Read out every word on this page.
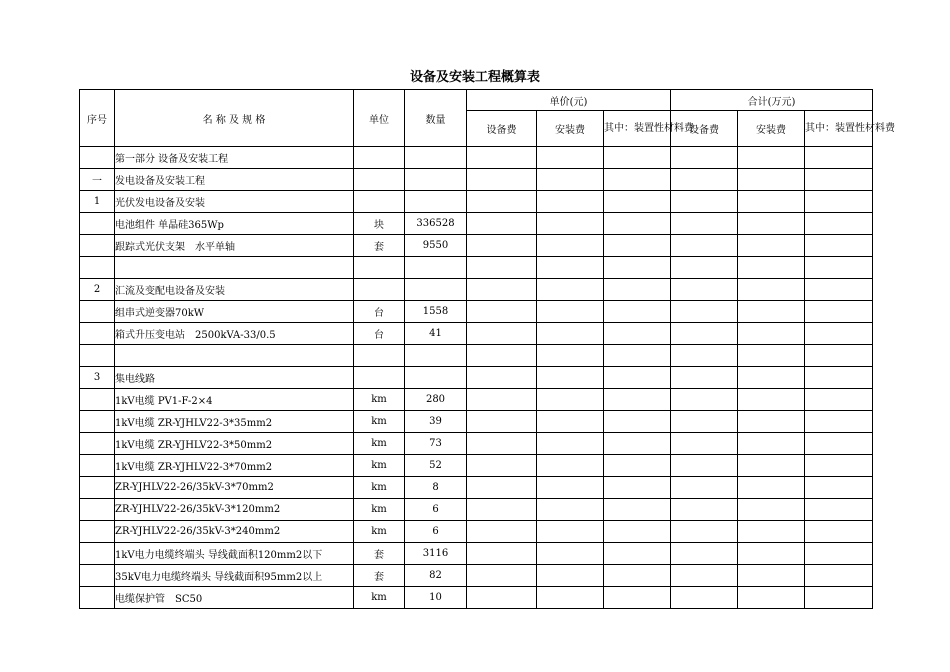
设备及安装工程概算表
序号	名 称 及 规 格	单位	数量	单价(元)			合计(万元)		
				设备费	安装费	其中：装置性材料费	设备费	安装费	其中：装置性材料费
	第一部分 设备及安装工程								
一	发电设备及安装工程								
1	光伏发电设备及安装								
	电池组件 单晶硅365Wp	块	336528						
	跟踪式光伏支架　水平单轴	套	9550						

2	汇流及变配电设备及安装								
	组串式逆变器70kW	台	1558						
	箱式升压变电站　2500kVA-33/0.5	台	41						

3	集电线路								
	1kV电缆 PV1-F-2×4	km	280						
	1kV电缆 ZR-YJHLV22-3*35mm2	km	39						
	1kV电缆 ZR-YJHLV22-3*50mm2	km	73						
	1kV电缆 ZR-YJHLV22-3*70mm2	km	52						
	ZR-YJHLV22-26/35kV-3*70mm2	km	8						
	ZR-YJHLV22-26/35kV-3*120mm2	km	6						
	ZR-YJHLV22-26/35kV-3*240mm2	km	6						
	1kV电力电缆终端头 导线截面积120mm2以下	套	3116						
	35kV电力电缆终端头 导线截面积95mm2以上	套	82						
	电缆保护管　SC50	km	10						
